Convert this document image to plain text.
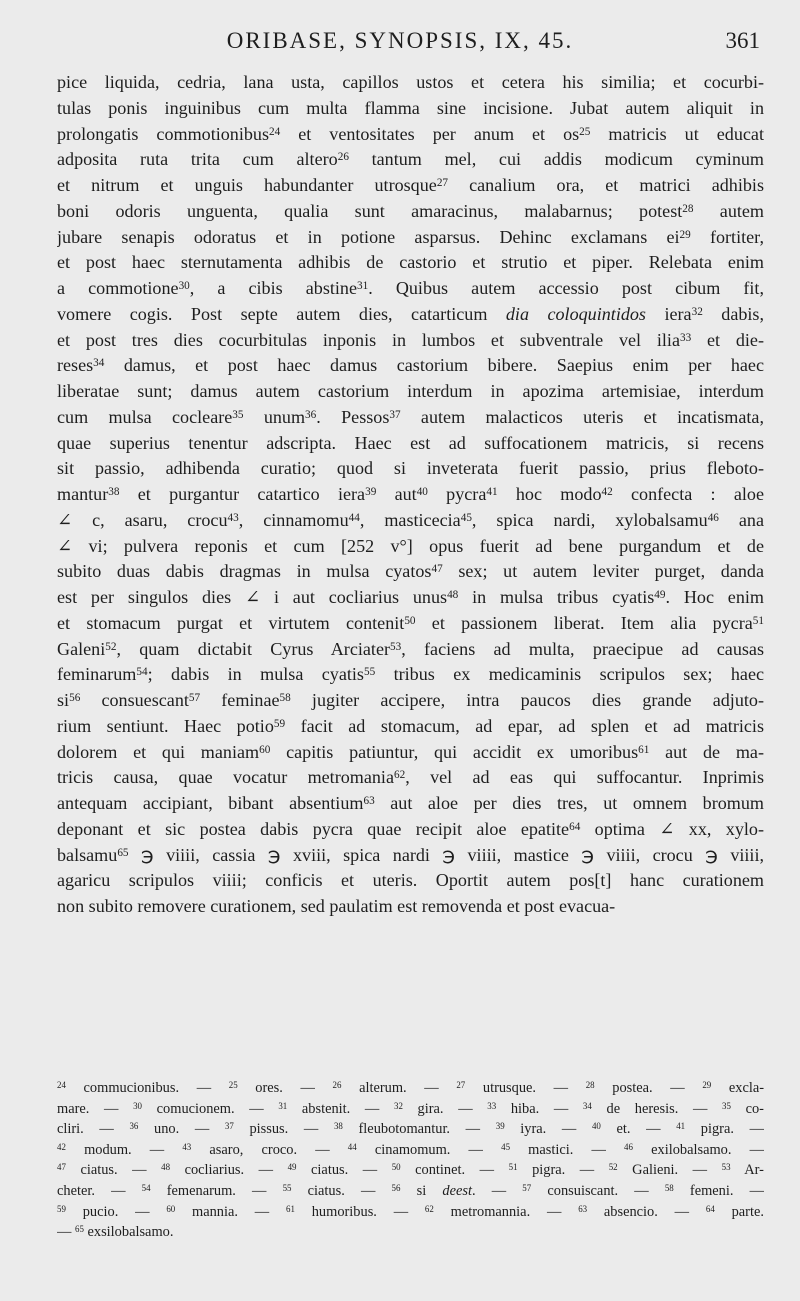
ORIBASE, SYNOPSIS, IX, 45.	361
pice liquida, cedria, lana usta, capillos ustos et cetera his similia; et cocurbi-
tulas ponis inguinibus cum multa flamma sine incisione. Jubat autem aliquit in
prolongatis commotionibus$^{24}$ et ventositates per anum et $os^{25}$ matricis ut educat
adposita ruta trita cum altero$^{26}$ tantum mel, cui addis modicum cyminum
et nitrum et unguis habundanter utrosque$^{27}$ canalium ora, et matrici adhibis
boni odoris unguenta, qualia sunt amaracinus, malabarnus; potest$^{28}$ autem
jubare senapis odoratus et in potione asparsus. Dehinc exclamans $ei^{29}$ fortiter,
et post haec sternutamenta adhibis de castorio et strutio et piper. Relebata enim
a commotione$^{30}$, a cibis abstine$^{31}$. Quibus autem accessio post cibum fit,
vomere cogis. Post septe autem dies, catarticum dia coloquintidos iera$^{32}$ dabis,
et post tres dies cocurbitulas inponis in lumbos et subventrale vel ilia$^{33}$ et die-
reses$^{34}$ damus, et post haec damus castorium bibere. Saepius enim per haec
liberatae sunt; damus autem castorium interdum in apozima artemisiae, interdum
cum mulsa cocleare$^{35}$ unum$^{36}$. Pessos$^{37}$ autem malacticos uteris et incatismata,
quae superius tenentur adscripta. Haec est ad suffocationem matricis, si recens
sit passio, adhibenda curatio; quod si inveterata fuerit passio, prius fleboto-
mantur$^{38}$ et purgantur catartico iera$^{39}$ aut$^{40}$ pycra$^{41}$ hoc modo$^{42}$ confecta : aloe
∠ c, asaru, crocu$^{43}$, cinnamomu$^{44}$, masticecia$^{45}$, spica nardi, xylobalsamu$^{46}$ ana
∠ vi; pulvera reponis et cum [252 v°] opus fuerit ad bene purgandum et de
subito duas dabis dragmas in mulsa cyatos$^{47}$ sex; ut autem leviter purget, danda
est per singulos dies ∠ i aut cocliarius unus$^{48}$ in mulsa tribus cyatis$^{49}$. Hoc enim
et stomacum purgat et virtutem contenit$^{50}$ et passionem liberat. Item alia pycra$^{51}$
Galeni$^{52}$, quam dictabit Cyrus Arciater$^{53}$, faciens ad multa, praecipue ad causas
feminarum$^{54}$; dabis in mulsa cyatis$^{55}$ tribus ex medicaminis scripulos sex; haec
$si^{56}$ consuescant$^{57}$ feminae$^{58}$ jugiter accipere, intra paucos dies grande adjuto-
rium sentiunt. Haec potio$^{59}$ facit ad stomacum, ad epar, ad splen et ad matricis
dolorem et qui maniam$^{60}$ capitis patiuntur, qui accidit ex umoribus$^{61}$ aut de ma-
tricis causa, quae vocatur metromania$^{62}$, vel ad eas qui suffocantur. Inprimis
antequam accipiant, bibant absentium$^{63}$ aut aloe per dies tres, ut omnem bromum
deponant et sic postea dabis pycra quae recipit aloe epatite$^{64}$ optima ∠ xx, xylo-
balsamu$^{65}$ ℈ viiii, cassia ℈ xviii, spica nardi ℈ viiii, mastice ℈ viiii, crocu ℈ viiii,
agaricu scripulos viiii; conficis et uteris. Oportit autem pos[t] hanc curationem
non subito removere curationem, sed paulatim est removenda et post evacua-
$^{24}$ commucionibus. — $^{25}$ ores. — $^{26}$ alterum. — $^{27}$ utrusque. — $^{28}$ postea. — $^{29}$ excla-
mare. — $^{30}$ comucionem. — $^{31}$ abstenit. — $^{32}$ gira. — $^{33}$ hiba. — $^{34}$ de heresis. — $^{35}$ co-
cliri. — $^{36}$ uno. — $^{37}$ pissus. — $^{38}$ fleubotomantur. — $^{39}$ iyra. — $^{40}$ et. — $^{41}$ pigra. —
$^{42}$ modum. — $^{43}$ asaro, croco. — $^{44}$ cinamomum. — $^{45}$ mastici. — $^{46}$ exilobalsamo. —
$^{47}$ ciatus. — $^{48}$ cocliarius. — $^{49}$ ciatus. — $^{50}$ continet. — $^{51}$ pigra. — $^{52}$ Galieni. — $^{53}$ Ar-
cheter. — $^{54}$ femenarum. — $^{55}$ ciatus. — $^{56}$ si deest. — $^{57}$ consuiscant. — $^{58}$ femeni. —
$^{59}$ pucio. — $^{60}$ mannia. — $^{61}$ humoribus. — $^{62}$ metromannia. — $^{63}$ absencio. — $^{64}$ parte.
— $^{65}$ exsilobalsamo.
